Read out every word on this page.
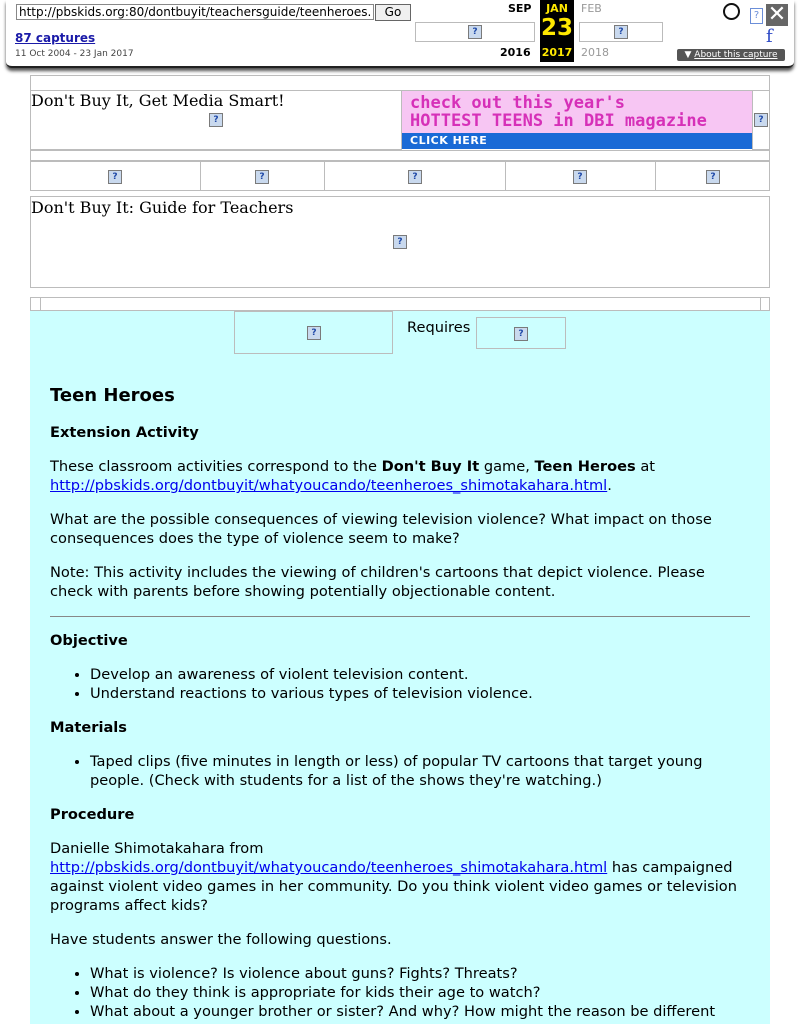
http://pbskids.org:80/dontbuyit/teachersguide/teenheroes.	Go
87 captures
11 Oct 2004 - 23 Jan 2017
SEP
2016
?
JAN
23
2017
FEB
2018
?
? ✕
f
▼ About this capture
Don't Buy It, Get Media Smart!
?
check out this year's
HOTTEST TEENS in DBI magazine
CLICK HERE
?
?	?	?	?	?
Don't Buy It: Guide for Teachers
?
?	Requires	?
Teen Heroes
Extension Activity

These classroom activities correspond to the Don't Buy It game, Teen Heroes at
http://pbskids.org/dontbuyit/whatyoucando/teenheroes_shimotakahara.html.

What are the possible consequences of viewing television violence? What impact on those consequences does the type of violence seem to make?

Note: This activity includes the viewing of children's cartoons that depict violence. Please check with parents before showing potentially objectionable content.

Objective
• Develop an awareness of violent television content.
• Understand reactions to various types of television violence.
Materials
• Taped clips (five minutes in length or less) of popular TV cartoons that target young people. (Check with students for a list of the shows they're watching.)
Procedure

Danielle Shimotakahara from
http://pbskids.org/dontbuyit/whatyoucando/teenheroes_shimotakahara.html has campaigned against violent video games in her community. Do you think violent video games or television programs affect kids?

Have students answer the following questions.

• What is violence? Is violence about guns? Fights? Threats?
• What do they think is appropriate for kids their age to watch?
• What about a younger brother or sister? And why? How might the reason be different
